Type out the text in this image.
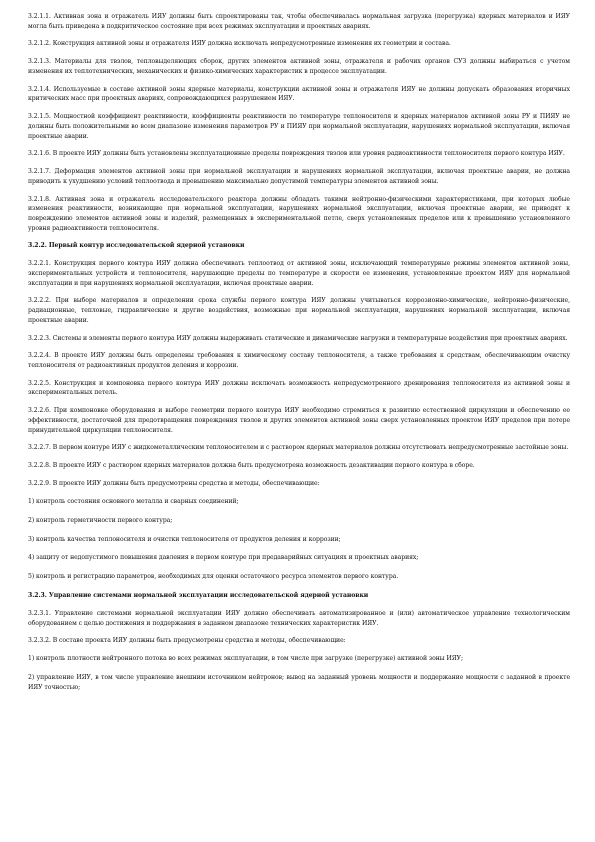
3.2.1.1. Активная зона и отражатель ИЯУ должны быть спроектированы так, чтобы обеспечивалась нормальная загрузка (перегрузка) ядерных материалов и ИЯУ могла быть приведена в подкритическое состояние при всех режимах эксплуатации и проектных авариях.

3.2.1.2. Конструкция активной зоны и отражателя ИЯУ должна исключать непредусмотренные изменения их геометрии и состава.

3.2.1.3. Материалы для твэлов, тепловыделяющих сборок, других элементов активной зоны, отражателя и рабочих органов СУЗ должны выбираться с учетом изменения их теплотехнических, механических и физико-химических характеристик в процессе эксплуатации.

3.2.1.4. Используемые в составе активной зоны ядерные материалы, конструкции активной зоны и отражателя ИЯУ не должны допускать образования вторичных критических масс при проектных авариях, сопровождающихся разрушением ИЯУ.

3.2.1.5. Мощностной коэффициент реактивности, коэффициенты реактивности по температуре теплоносителя и ядерных материалов активной зоны РУ и ПИЯУ не должны быть положительными во всем диапазоне изменения параметров РУ и ПИЯУ при нормальной эксплуатации, нарушениях нормальной эксплуатации, включая проектные аварии.

3.2.1.6. В проекте ИЯУ должны быть установлены эксплуатационные пределы повреждения твэлов или уровня радиоактивности теплоносителя первого контура ИЯУ.

3.2.1.7. Деформация элементов активной зоны при нормальной эксплуатации и нарушениях нормальной эксплуатации, включая проектные аварии, не должна приводить к ухудшению условий теплоотвода и превышению максимально допустимой температуры элементов активной зоны.

3.2.1.8. Активная зона и отражатель исследовательского реактора должны обладать такими нейтронно-физическими характеристиками, при которых любые изменения реактивности, возникающие при нормальной эксплуатации, нарушениях нормальной эксплуатации, включая проектные аварии, не приводят к повреждению элементов активной зоны и изделий, размещенных в экспериментальной петле, сверх установленных пределов или к превышению установленного уровня радиоактивности теплоносителя.

3.2.2. Первый контур исследовательской ядерной установки

3.2.2.1. Конструкция первого контура ИЯУ должна обеспечивать теплоотвод от активной зоны, исключающий температурные режимы элементов активной зоны, экспериментальных устройств и теплоносителя, нарушающие пределы по температуре и скорости ее изменения, установленные проектом ИЯУ для нормальной эксплуатации и при нарушениях нормальной эксплуатации, включая проектные аварии.

3.2.2.2. При выборе материалов и определении срока службы первого контура ИЯУ должны учитываться коррозионно-химические, нейтронно-физические, радиационные, тепловые, гидравлические и другие воздействия, возможные при нормальной эксплуатации, нарушениях нормальной эксплуатации, включая проектные аварии.

3.2.2.3. Системы и элементы первого контура ИЯУ должны выдерживать статические и динамические нагрузки и температурные воздействия при проектных авариях.

3.2.2.4. В проекте ИЯУ должны быть определены требования к химическому составу теплоносителя, а также требования к средствам, обеспечивающим очистку теплоносителя от радиоактивных продуктов деления и коррозии.

3.2.2.5. Конструкция и компоновка первого контура ИЯУ должны исключать возможность непредусмотренного дренирования теплоносителя из активной зоны и экспериментальных петель.

3.2.2.6. При компоновке оборудования и выборе геометрии первого контура ИЯУ необходимо стремиться к развитию естественной циркуляции и обеспечению ее эффективности, достаточной для предотвращения повреждения твэлов и других элементов активной зоны сверх установленных проектом ИЯУ пределов при потере принудительной циркуляции теплоносителя.

3.2.2.7. В первом контуре ИЯУ с жидкометаллическим теплоносителем и с раствором ядерных материалов должны отсутствовать непредусмотренные застойные зоны.

3.2.2.8. В проекте ИЯУ с раствором ядерных материалов должна быть предусмотрена возможность дезактивации первого контура в сборе.

3.2.2.9. В проекте ИЯУ должны быть предусмотрены средства и методы, обеспечивающие:

1) контроль состояния основного металла и сварных соединений;

2) контроль герметичности первого контура;

3) контроль качества теплоносителя и очистки теплоносителя от продуктов деления и коррозии;

4) защиту от недопустимого повышения давления в первом контуре при предаварийных ситуациях и проектных авариях;

5) контроль и регистрацию параметров, необходимых для оценки остаточного ресурса элементов первого контура.

3.2.3. Управление системами нормальной эксплуатации исследовательской ядерной установки

3.2.3.1. Управление системами нормальной эксплуатации ИЯУ должно обеспечивать автоматизированное и (или) автоматическое управление технологическим оборудованием с целью достижения и поддержания в заданном диапазоне технических характеристик ИЯУ.

3.2.3.2. В составе проекта ИЯУ должны быть предусмотрены средства и методы, обеспечивающие:

1) контроль плотности нейтронного потока во всех режимах эксплуатации, в том числе при загрузке (перегрузке) активной зоны ИЯУ;

2) управление ИЯУ, в том числе управление внешним источником нейтронов; вывод на заданный уровень мощности и поддержание мощности с заданной в проекте ИЯУ точностью;
